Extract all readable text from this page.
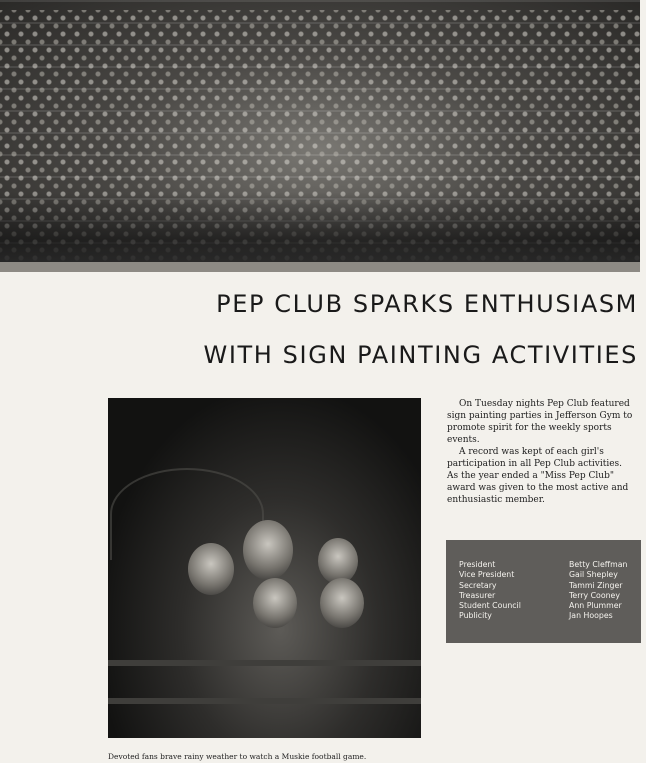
PEP CLUB SPARKS ENTHUSIASM
WITH SIGN PAINTING ACTIVITIES
Devoted fans brave rainy weather to watch a Muskie football game.

On Tuesday nights Pep Club featured sign painting parties in Jefferson Gym to promote spirit for the weekly sports events.

A record was kept of each girl's participation in all Pep Club activities. As the year ended a "Miss Pep Club" award was given to the most active and enthusiastic member.

President
Vice President
Secretary
Treasurer
Student Council
Publicity
Betty Cleffman
Gail Shepley
Tammi Zinger
Terry Cooney
Ann Plummer
Jan Hoopes
